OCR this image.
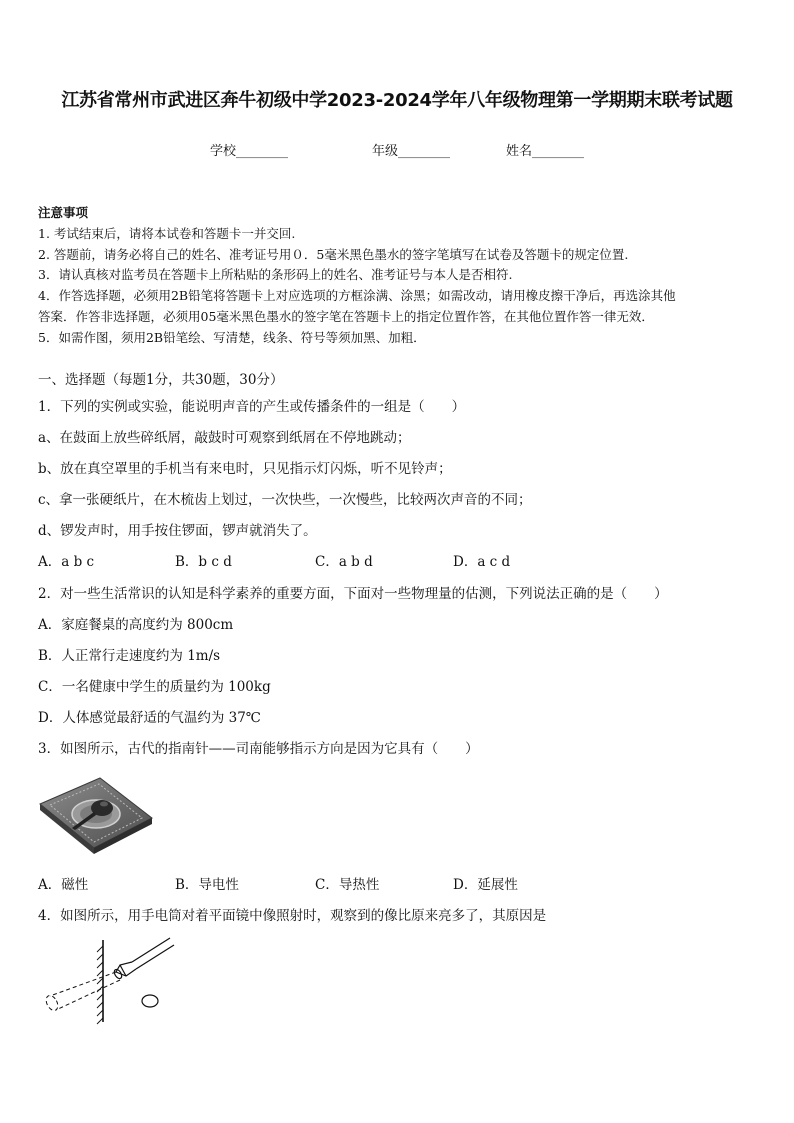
江苏省常州市武进区奔牛初级中学2023-2024学年八年级物理第一学期期末联考试题
学校________	年级________	姓名________
注意事项
1. 考试结束后，请将本试卷和答题卡一并交回.
2. 答题前，请务必将自己的姓名、准考证号用０．5毫米黑色墨水的签字笔填写在试卷及答题卡的规定位置.
3．请认真核对监考员在答题卡上所粘贴的条形码上的姓名、准考证号与本人是否相符.
4．作答选择题，必须用2B铅笔将答题卡上对应选项的方框涂满、涂黑；如需改动，请用橡皮擦干净后，再选涂其他
答案．作答非选择题，必须用05毫米黑色墨水的签字笔在答题卡上的指定位置作答，在其他位置作答一律无效．
5．如需作图，须用2B铅笔绘、写清楚，线条、符号等须加黑、加粗．
一、选择题（每题1分，共30题，30分）
1．下列的实例或实验，能说明声音的产生或传播条件的一组是（　　）
a、在鼓面上放些碎纸屑，敲鼓时可观察到纸屑在不停地跳动；
b、放在真空罩里的手机当有来电时，只见指示灯闪烁，听不见铃声；
c、拿一张硬纸片，在木梳齿上划过，一次快些，一次慢些，比较两次声音的不同；
d、锣发声时，用手按住锣面，锣声就消失了。
A．a b c	B．b c d	C．a b d	D．a c d
2．对一些生活常识的认知是科学素养的重要方面，下面对一些物理量的估测，下列说法正确的是（　　）
A．家庭餐桌的高度约为 800cm
B．人正常行走速度约为 1m/s
C．一名健康中学生的质量约为 100kg
D．人体感觉最舒适的气温约为 37℃
3．如图所示，古代的指南针——司南能够指示方向是因为它具有（　　）
A．磁性	B．导电性	C．导热性	D．延展性
4．如图所示，用手电筒对着平面镜中像照射时，观察到的像比原来亮多了，其原因是
